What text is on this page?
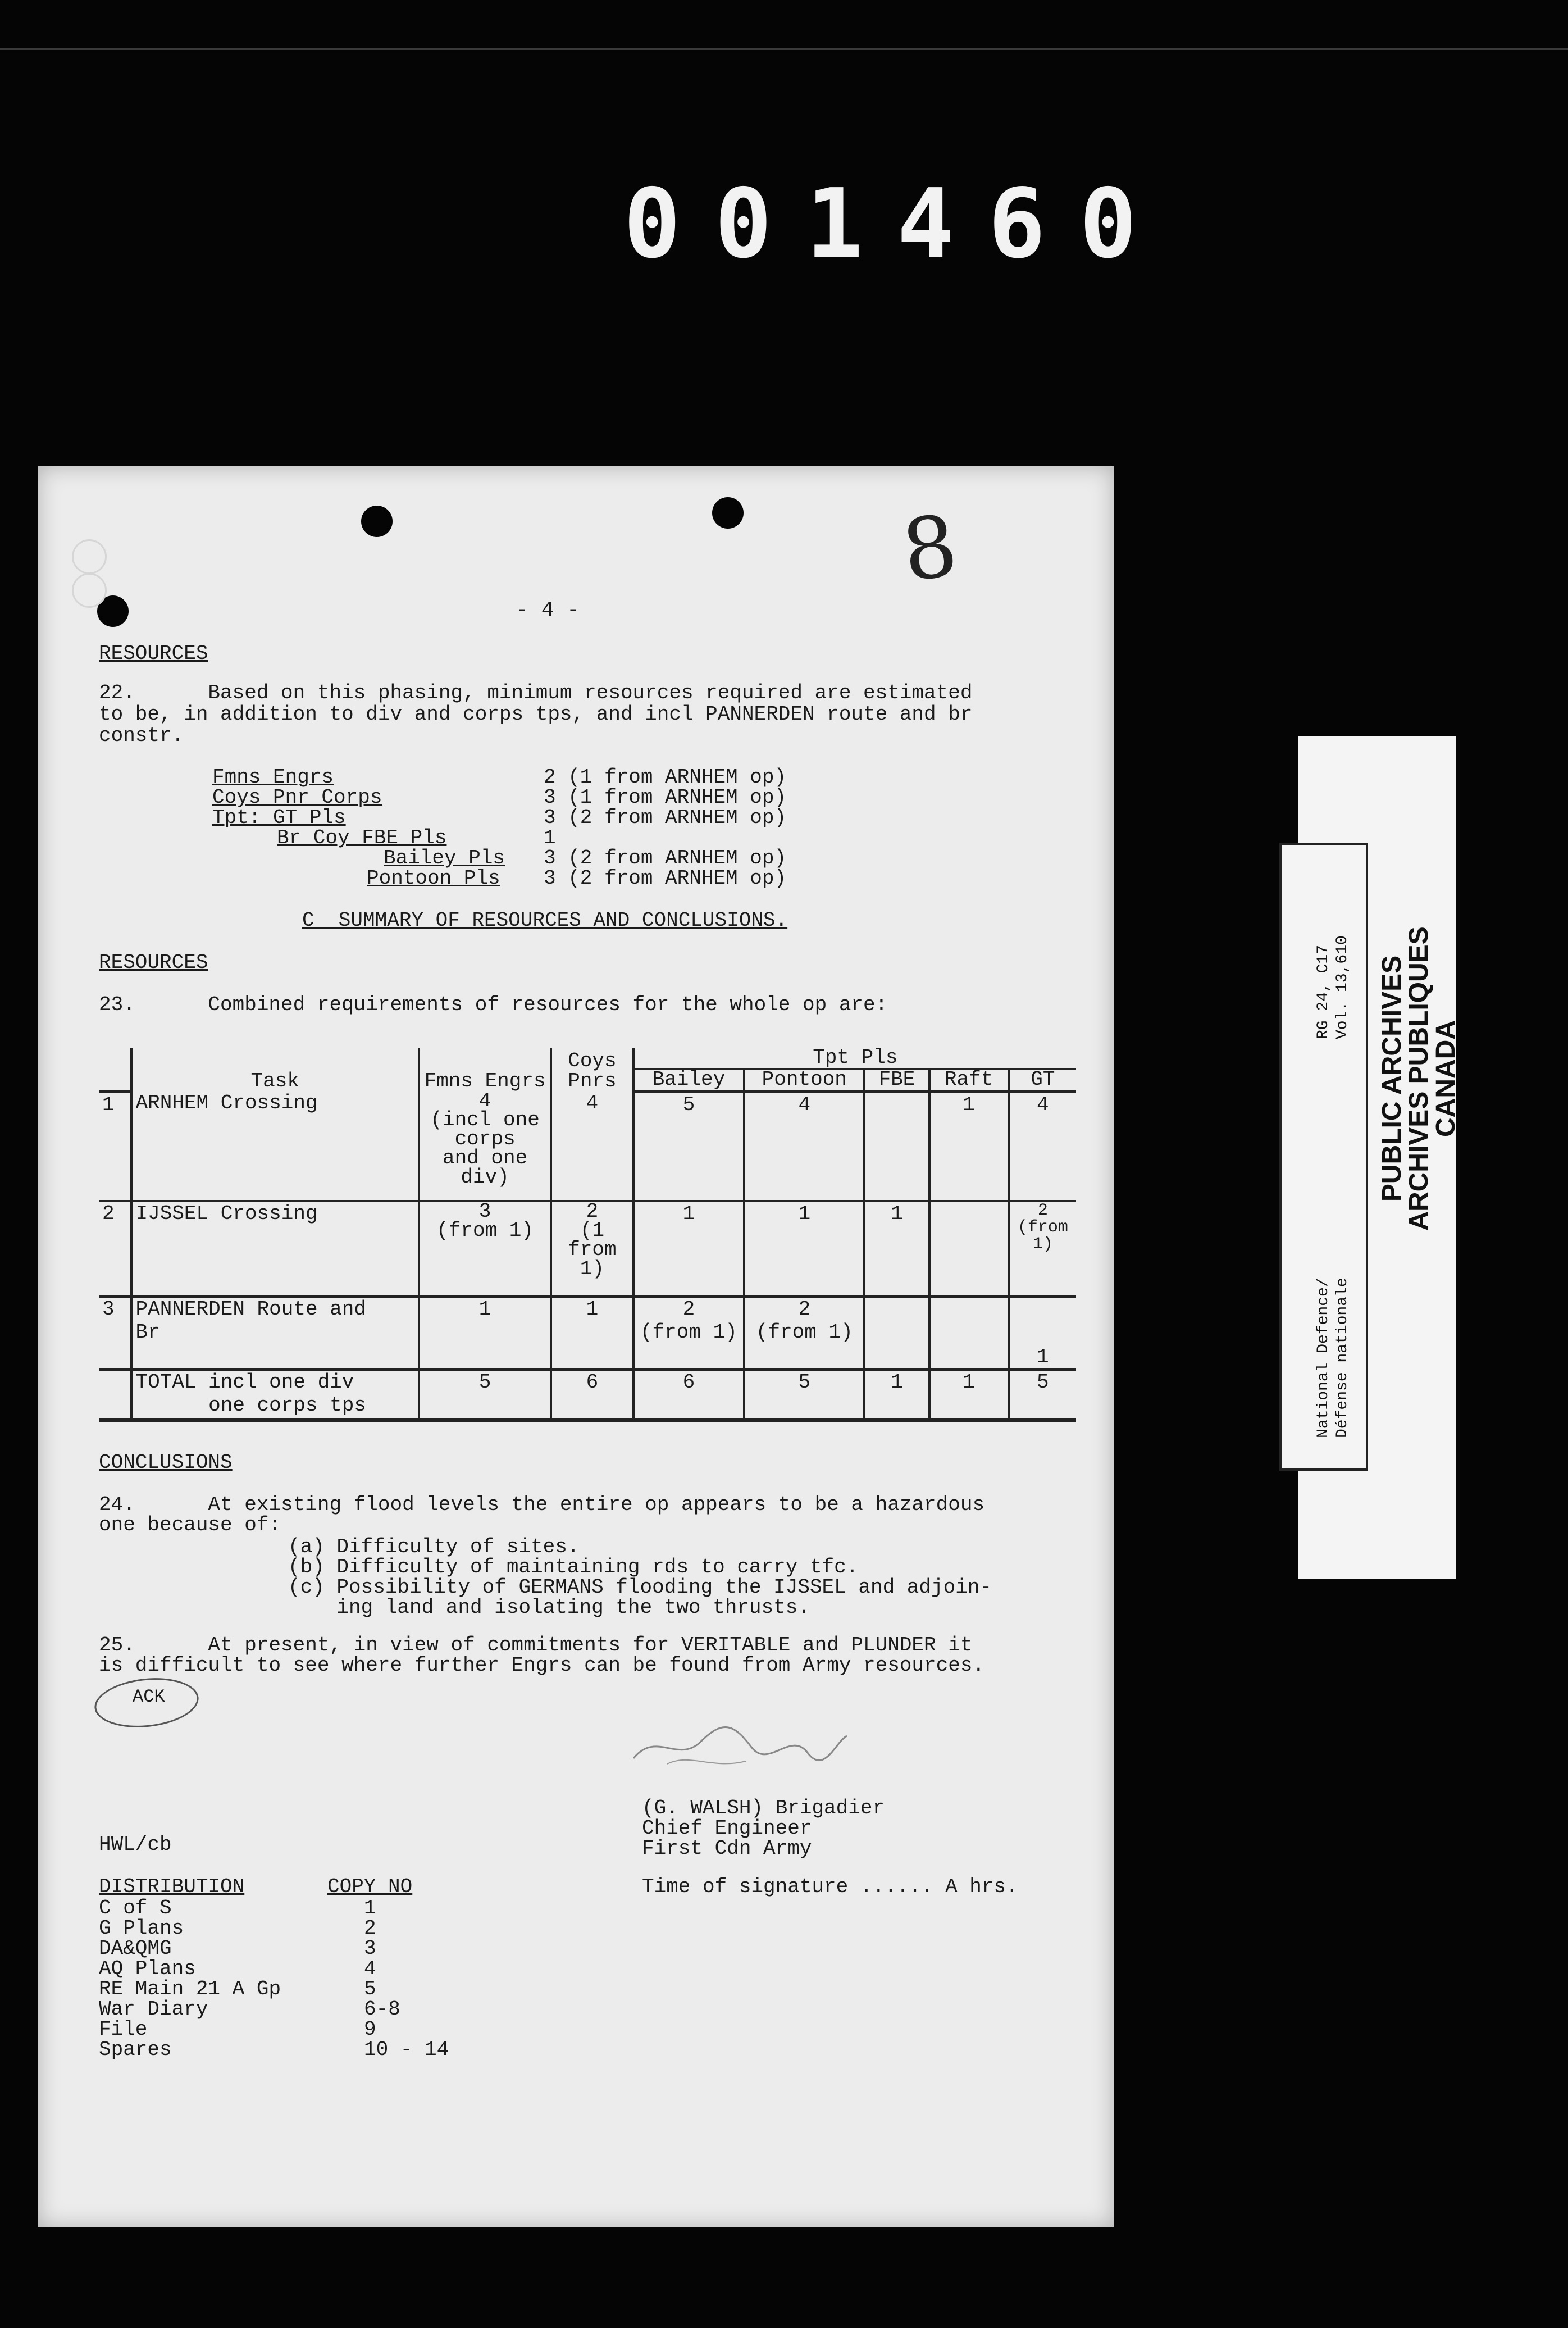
001460
8
- 4 -
RESOURCES
22.      Based on this phasing, minimum resources required are estimated
to be, in addition to div and corps tps, and incl PANNERDEN route and br
constr.
Fmns Engrs	2 (1 from ARNHEM op)
Coys Pnr Corps	3 (1 from ARNHEM op)
Tpt: GT Pls	3 (2 from ARNHEM op)
Br Coy FBE Pls	1
Bailey Pls 3 (2 from ARNHEM op)
Pontoon Pls 3 (2 from ARNHEM op)
C  SUMMARY OF RESOURCES AND CONCLUSIONS.
RESOURCES
23.      Combined requirements of resources for the whole op are:
	Task	Fmns Engrs	Coys Pnrs	Tpt Pls				
				Bailey	Pontoon	FBE	Raft	GT
1	ARNHEM Crossing	4
(incl one
corps
and one
div)	4	5	4		1	4
2	IJSSEL Crossing	3
(from 1)	2
(1
from
1)	1	1	1		2
(from
1)
3	PANNERDEN Route and
Br	1	1	2
(from 1)	2
(from 1)			1
	TOTAL incl one div
one corps tps	5	6	6	5	1	1	5
CONCLUSIONS
24.      At existing flood levels the entire op appears to be a hazardous
one because of:
(a) Difficulty of sites.
(b) Difficulty of maintaining rds to carry tfc.
(c) Possibility of GERMANS flooding the IJSSEL and adjoin-
ing land and isolating the two thrusts.
25.      At present, in view of commitments for VERITABLE and PLUNDER it
is difficult to see where further Engrs can be found from Army resources.
ACK
(G. WALSH) Brigadier
Chief Engineer
First Cdn Army
HWL/cb
DISTRIBUTION	COPY NO	Time of signature ...... A hrs.
C of S	1
G Plans	2
DA&QMG	3
AQ Plans	4
RE Main 21 A Gp	5
War Diary	6-8
File	9
Spares	10 - 14
PUBLIC ARCHIVES
ARCHIVES PUBLIQUES
CANADA
National Defence/
Défense nationale
RG 24, C17
Vol. 13,610
